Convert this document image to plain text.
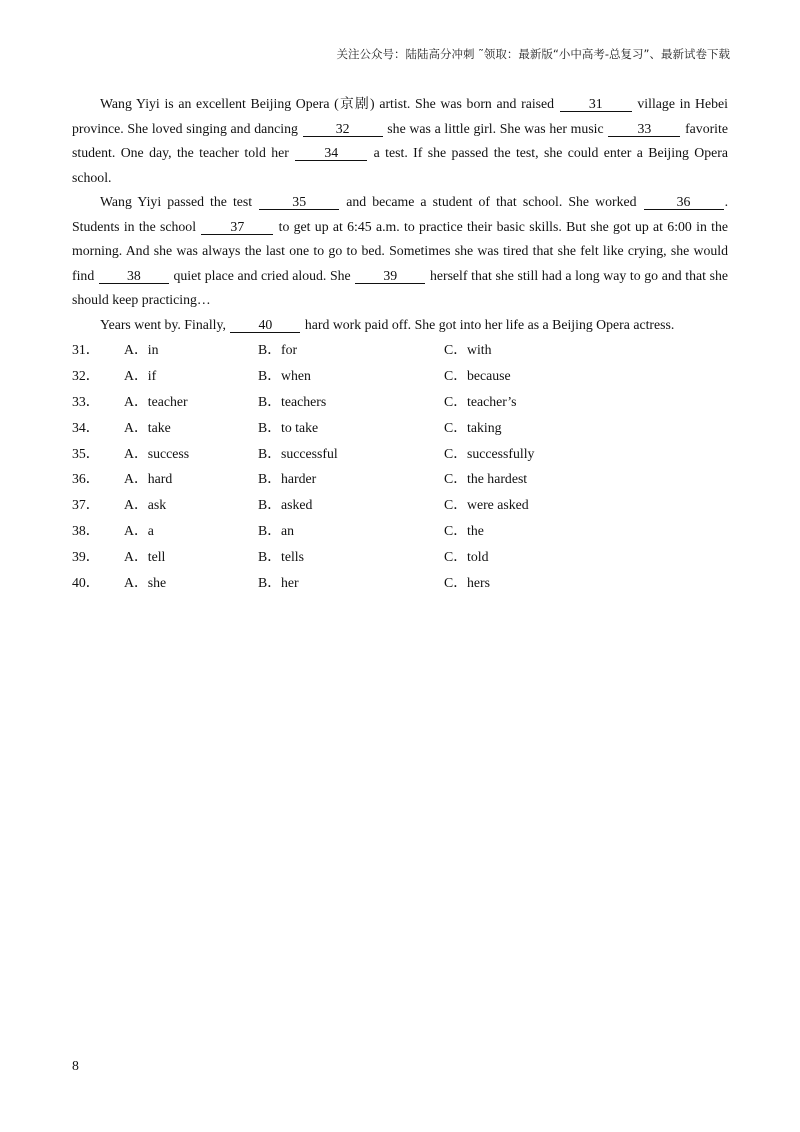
关注公众号：陆陆高分冲刺 ˜领取：最新版“小中高考-总复习”、最新试卷下载

Wang Yiyi is an excellent Beijing Opera (京剧) artist. She was born and raised 31 village in Hebei province. She loved singing and dancing 32 she was a little girl. She was her music 33 favorite student. One day, the teacher told her 34 a test. If she passed the test, she could enter a Beijing Opera school.

Wang Yiyi passed the test 35 and became a student of that school. She worked 36 . Students in the school 37 to get up at 6:45 a.m. to practice their basic skills. But she got up at 6:00 in the morning. And she was always the last one to go to bed. Sometimes she was tired that she felt like crying, she would find 38 quiet place and cried aloud. She 39 herself that she still had a long way to go and that she should keep practicing…

Years went by. Finally, 40 hard work paid off. She got into her life as a Beijing Opera actress.

31． A．in	B．for	C．with
32． A．if	B．when	C．because
33． A．teacher	B．teachers	C．teacher’s
34． A．take	B．to take	C．taking
35． A．success	B．successful	C．successfully
36． A．hard	B．harder	C．the hardest
37． A．ask	B．asked	C．were asked
38． A．a	B．an	C．the
39． A．tell	B．tells	C．told
40． A．she	B．her	C．hers
8
